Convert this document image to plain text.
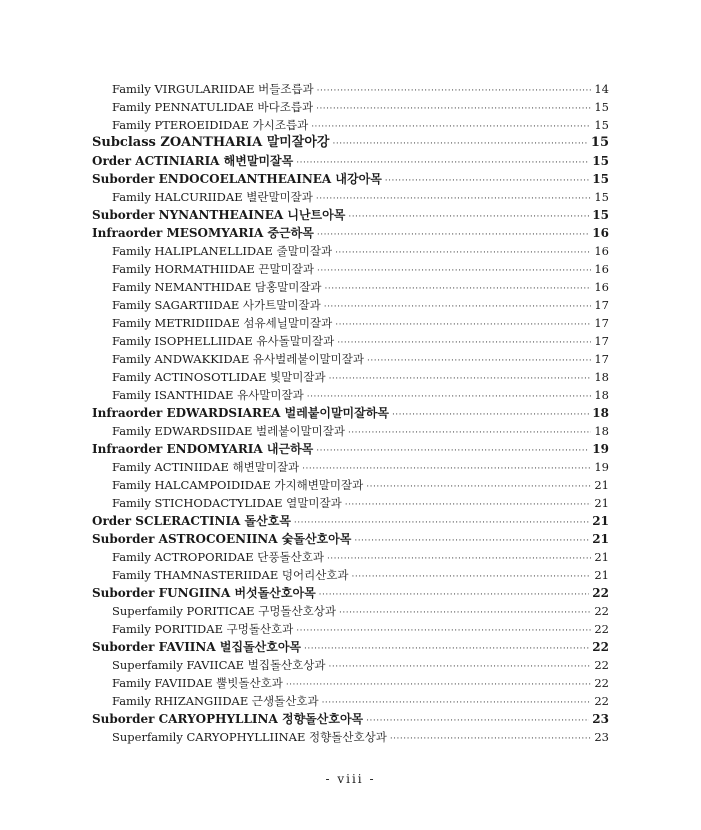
Family VIRGULARIIDAE 버들조릅과 ·····	14
Family PENNATULIDAE 바다조릅과 ·····	15
Family PTEROEIDIDAE 가시조릅과 ·····	15
Subclass ZOANTHARIA 말미잘아강 ·····	15
Order ACTINIARIA 해변말미잘목 ·····	15
Suborder ENDOCOELANTHEAINEA 내강아목 ·····	15
Family HALCURIIDAE 별란말미잘과 ·····	15
Suborder NYNANTHEAINEA 니난트아목 ·····	15
Infraorder MESOMYARIA 중근하목 ·····	16
Family HALIPLANELLIDAE 줄말미잘과 ·····	16
Family HORMATHIIDAE 끈말미잘과 ·····	16
Family NEMANTHIDAE 담홍말미잘과 ·····	16
Family SAGARTIIDAE 사가트말미잘과 ·····	17
Family METRIDIIDAE 섬유세닐말미잘과 ·····	17
Family ISOPHELLIIDAE 유사돌말미잘과 ·····	17
Family ANDWAKKIDAE 유사벌레붙이말미잘과 ·····	17
Family ACTINOSOTLIDAE 빛말미잘과 ·····	18
Family ISANTHIDAE 유사말미잘과 ·····	18
Infraorder EDWARDSIAREA 벌레붙이말미잘하목 ·····	18
Family EDWARDSIIDAE 벌레붙이말미잘과 ·····	18
Infraorder ENDOMYARIA 내근하목 ·····	19
Family ACTINIIDAE 해변말미잘과 ·····	19
Family HALCAMPOIDIDAE 가지해변말미잘과 ·····	21
Family STICHODACTYLIDAE 열말미잘과 ·····	21
Order SCLERACTINIA 돌산호목 ·····	21
Suborder ASTROCOENIINA 숯돌산호아목 ·····	21
Family ACTROPORIDAE 단풍돌산호과 ·····	21
Family THAMNASTERIIDAE 덩어리산호과 ·····	21
Suborder FUNGIINA 버섯돌산호아목 ·····	22
Superfamily PORITICAE 구멍돌산호상과 ·····	22
Family PORITIDAE 구멍돌산호과 ·····	22
Suborder FAVIINA 벌집돌산호아목 ·····	22
Superfamily FAVIICAE 벌집돌산호상과 ·····	22
Family FAVIIDAE 뿔빗돌산호과 ·····	22
Family RHIZANGIIDAE 근생돌산호과 ·····	22
Suborder CARYOPHYLLINA 정향돌산호아목 ·····	23
Superfamily CARYOPHYLLIINAE 정향돌산호상과 ·····	23
- viii -
